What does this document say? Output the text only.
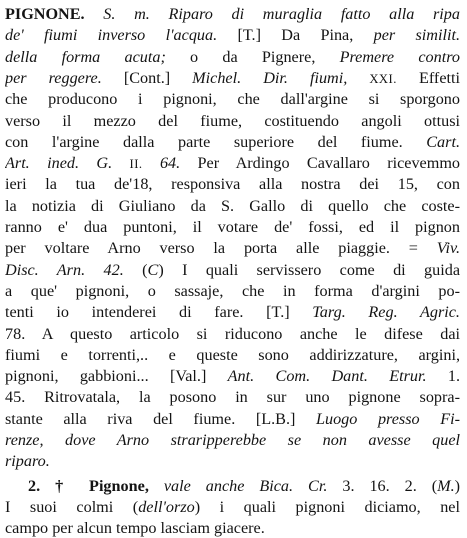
PIGNONE. S. m. Riparo di muraglia fatto alla ripa
de' fiumi inverso l'acqua. [T.] Da Pina, per similit.
della forma acuta; o da Pignere, Premere contro
per reggere. [Cont.] Michel. Dir. fiumi, XXI. Effetti
che producono i pignoni, che dall'argine si sporgono
verso il mezzo del fiume, costituendo angoli ottusi
con l'argine dalla parte superiore del fiume. Cart.
Art. ined. G. II. 64. Per Ardingo Cavallaro ricevemmo
ieri la tua de'18, responsiva alla nostra dei 15, con
la notizia di Giuliano da S. Gallo di quello che coste-
ranno e' dua puntoni, il votare de' fossi, ed il pignon
per voltare Arno verso la porta alle piaggie. = Viv.
Disc. Arn. 42. (C) I quali servissero come di guida
a que' pignoni, o sassaje, che in forma d'argini po-
tenti io intenderei di fare. [T.] Targ. Reg. Agric.
78. A questo articolo si riducono anche le difese dai
fiumi e torrenti,.. e queste sono addirizzature, argini,
pignoni, gabbioni... [Val.] Ant. Com. Dant. Etrur. 1.
45. Ritrovatala, la posono in sur uno pignone sopra-
stante alla riva del fiume. [L.B.] Luogo presso Fi-
renze, dove Arno straripperebbe se non avesse quel
riparo.
2. † Pignone, vale anche Bica. Cr. 3. 16. 2. (M.)
I suoi colmi (dell'orzo) i quali pignoni diciamo, nel
campo per alcun tempo lasciam giacere.
